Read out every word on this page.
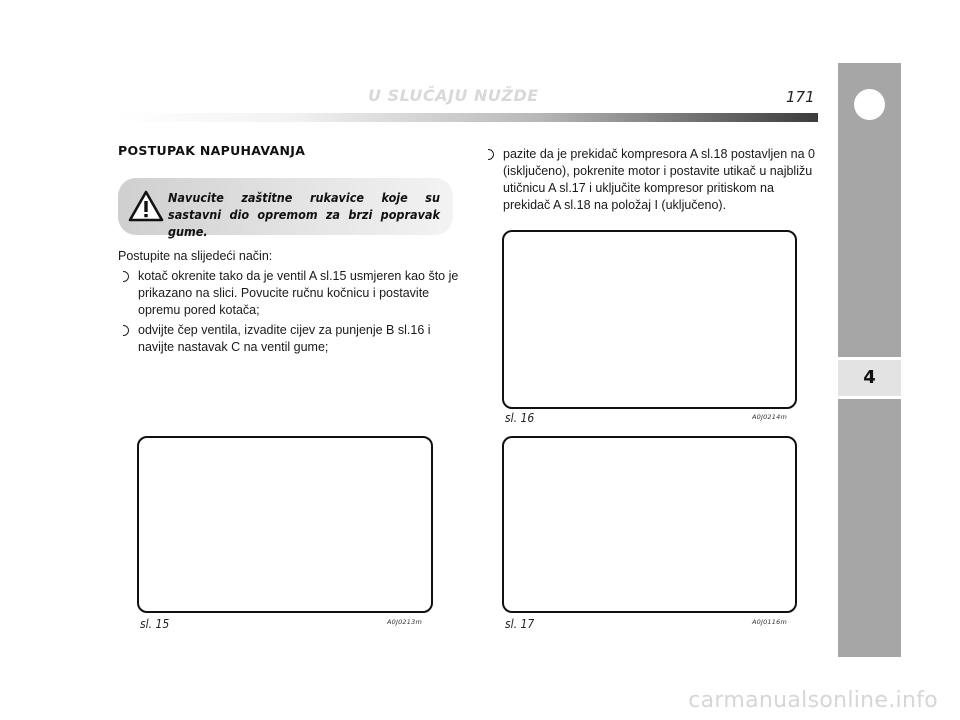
U SLUČAJU NUŽDE	171
4
POSTUPAK NAPUHAVANJA
Navucite zaštitne rukavice koje su sastavni dio opremom za brzi popravak gume.
Postupite na slijedeći način:
kotač okrenite tako da je ventil A sl.15 usmjeren kao što je prikazano na slici. Povucite ručnu kočnicu i postavite opremu pored kotača;
odvijte čep ventila, izvadite cijev za punjenje B sl.16 i navijte nastavak C na ventil gume;
pazite da je prekidač kompresora A sl.18 postavljen na 0 (isključeno), pokrenite motor i postavite utikač u najbližu utičnicu A sl.17 i uključite kompresor pritiskom na prekidač A sl.18 na položaj I (uključeno).
sl. 16	A0J0214m
sl. 15	A0J0213m	sl. 17	A0J0116m
carmanualsonline.info
